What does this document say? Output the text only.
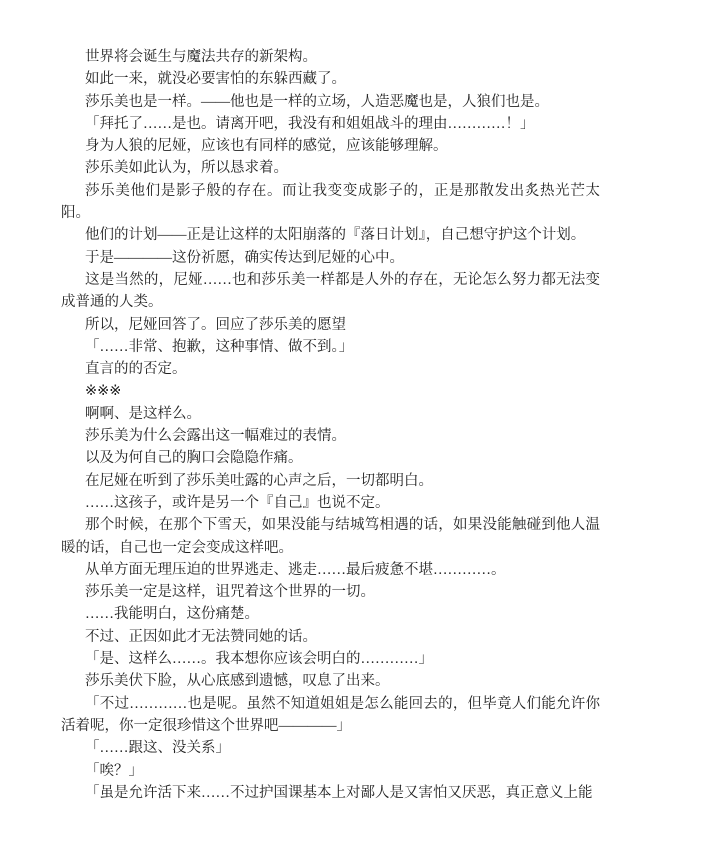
世界将会诞生与魔法共存的新架构。

如此一来，就没必要害怕的东躲西藏了。

莎乐美也是一样。——他也是一样的立场，人造恶魔也是，人狼们也是。

「拜托了……是也。请离开吧，我没有和姐姐战斗的理由…………！」

身为人狼的尼娅，应该也有同样的感觉，应该能够理解。

莎乐美如此认为，所以恳求着。

莎乐美他们是影子般的存在。而让我变变成影子的，正是那散发出炙热光芒太阳。

他们的计划——正是让这样的太阳崩落的『落日计划』，自己想守护这个计划。

于是————这份祈愿，确实传达到尼娅的心中。

这是当然的，尼娅……也和莎乐美一样都是人外的存在，无论怎么努力都无法变成普通的人类。

所以，尼娅回答了。回应了莎乐美的愿望

「……非常、抱歉，这种事情、做不到。」

直言的的否定。

※※※

啊啊、是这样么。

莎乐美为什么会露出这一幅难过的表情。

以及为何自己的胸口会隐隐作痛。

在尼娅在听到了莎乐美吐露的心声之后，一切都明白。

……这孩子，或许是另一个『自己』也说不定。

那个时候，在那个下雪天，如果没能与结城笃相遇的话，如果没能触碰到他人温暖的话，自己也一定会变成这样吧。

从单方面无理压迫的世界逃走、逃走……最后疲惫不堪…………。

莎乐美一定是这样，诅咒着这个世界的一切。

……我能明白，这份痛楚。

不过、正因如此才无法赞同她的话。

「是、这样么……。我本想你应该会明白的…………」

莎乐美伏下脸，从心底感到遗憾，叹息了出来。

「不过…………也是呢。虽然不知道姐姐是怎么能回去的，但毕竟人们能允许你活着呢，你一定很珍惜这个世界吧————」

「……跟这、没关系」

「唉？」

「虽是允许活下来……不过护国课基本上对鄙人是又害怕又厌恶，真正意义上能
